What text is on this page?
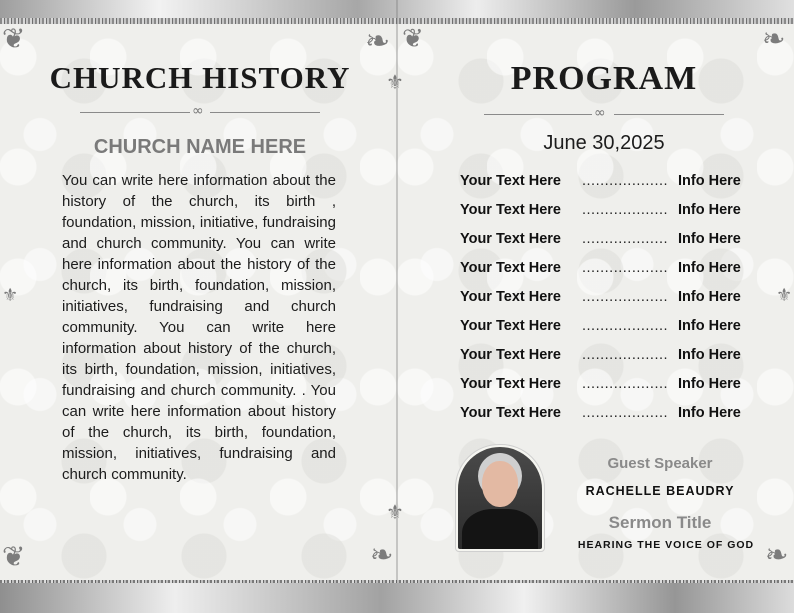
❦	❧
❦	❧
❦	❧
❧
⚜
⚜
⚜	⚜
CHURCH HISTORY
∞
CHURCH NAME HERE

You can write here information about the history of the church, its birth , foundation, mission, initiative, fundraising and church community. You can write here information about the history of the church, its birth, foundation, mission, initiatives, fundraising and church community. You can write here information about history of the church, its birth, foundation, mission, initiatives, fundraising and church community. . You can write here information about history of the church, its birth, foundation, mission, initiatives, fundraising and church community.

PROGRAM
∞

June 30,2025

Your Text Here ................... Info Here
Your Text Here ................... Info Here
Your Text Here ................... Info Here
Your Text Here ................... Info Here
Your Text Here ................... Info Here
Your Text Here ................... Info Here
Your Text Here ................... Info Here
Your Text Here ................... Info Here
Your Text Here ................... Info Here

Guest Speaker

RACHELLE BEAUDRY

Sermon Title

HEARING THE VOICE OF GOD
